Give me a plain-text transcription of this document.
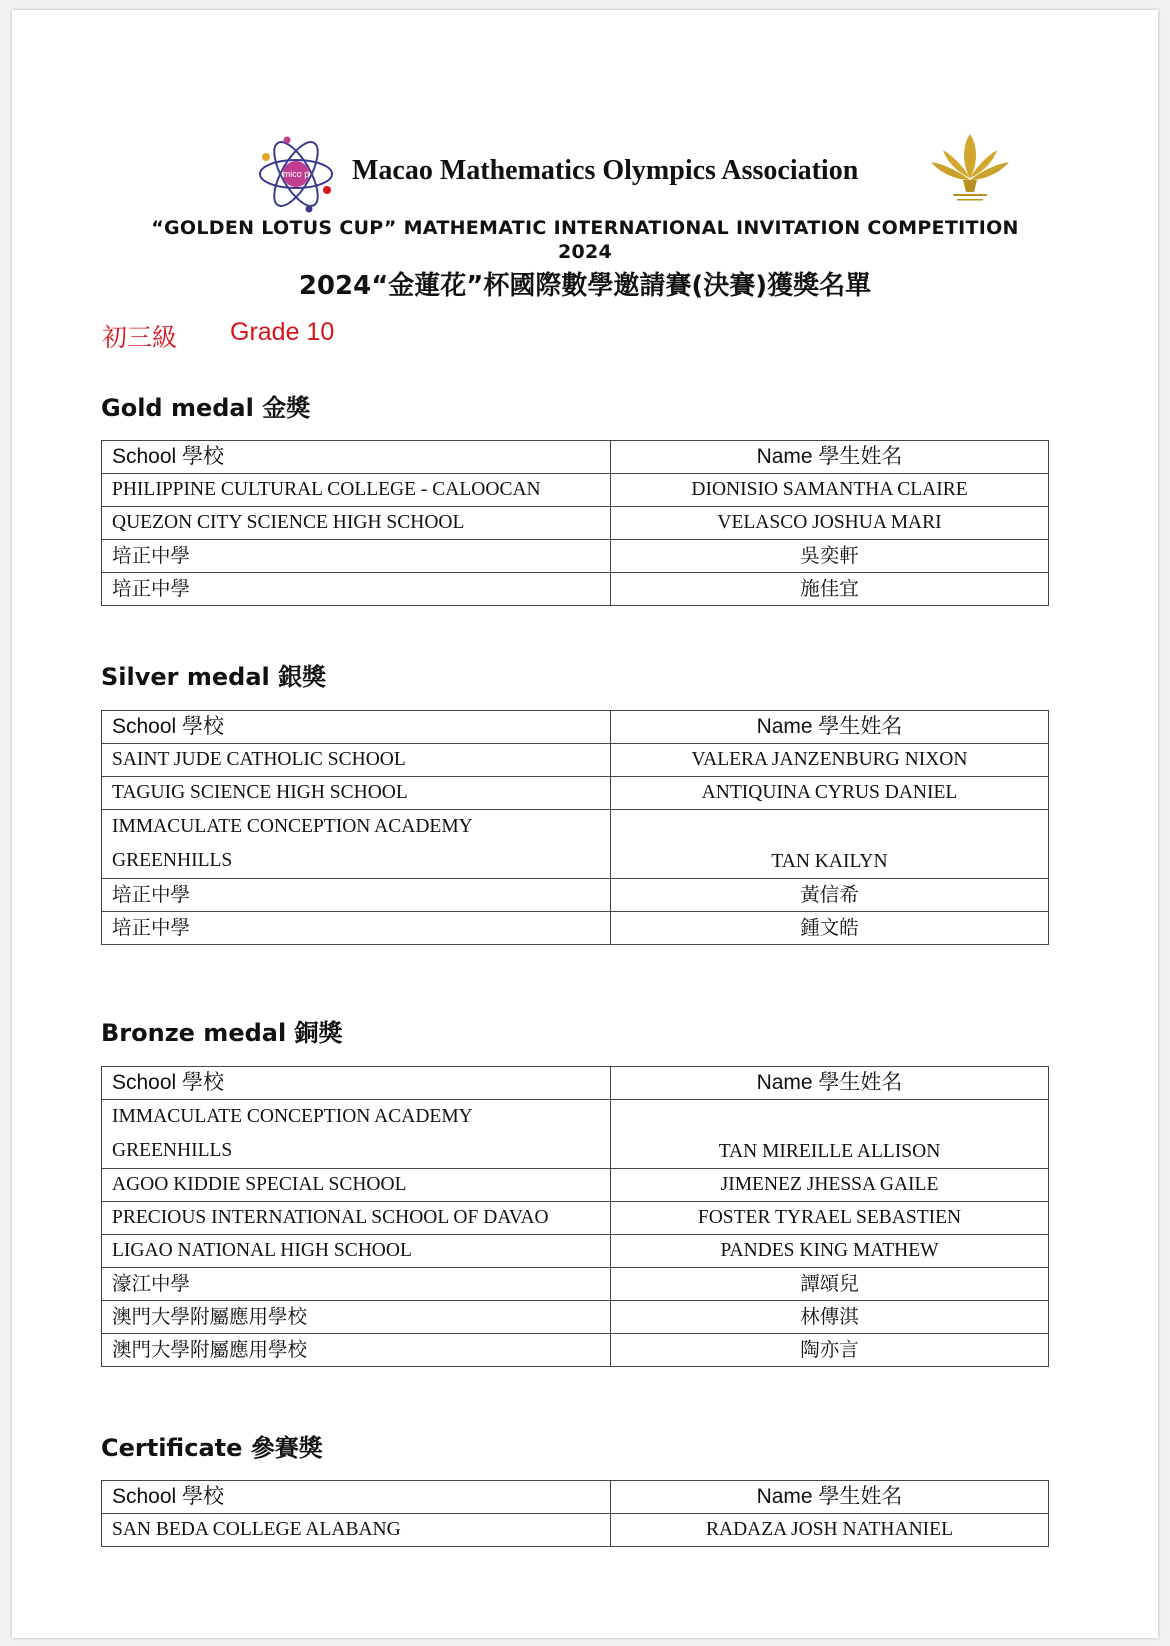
mico p Macao Mathematics Olympics Association
“GOLDEN LOTUS CUP” MATHEMATIC INTERNATIONAL INVITATION COMPETITION
2024
2024“金蓮花”杯國際數學邀請賽(決賽)獲獎名單
初三級 Grade 10
Gold medal 金獎
School 學校	Name 學生姓名
PHILIPPINE CULTURAL COLLEGE - CALOOCAN	DIONISIO SAMANTHA CLAIRE
QUEZON CITY SCIENCE HIGH SCHOOL	VELASCO JOSHUA MARI
培正中學	吳奕軒
培正中學	施佳宜
Silver medal 銀獎
School 學校	Name 學生姓名
SAINT JUDE CATHOLIC SCHOOL	VALERA JANZENBURG NIXON
TAGUIG SCIENCE HIGH SCHOOL	ANTIQUINA CYRUS DANIEL

IMMACULATE CONCEPTION ACADEMY
GREENHILLS	TAN KAILYN
培正中學	黃信希
培正中學	鍾文皓
Bronze medal 銅獎
School 學校	Name 學生姓名

IMMACULATE CONCEPTION ACADEMY
GREENHILLS	TAN MIREILLE ALLISON
AGOO KIDDIE SPECIAL SCHOOL	JIMENEZ JHESSA GAILE
PRECIOUS INTERNATIONAL SCHOOL OF DAVAO	FOSTER TYRAEL SEBASTIEN
LIGAO NATIONAL HIGH SCHOOL	PANDES KING MATHEW
濠江中學	譚頌兒
澳門大學附屬應用學校	林傳淇
澳門大學附屬應用學校	陶亦言
Certificate 參賽獎
School 學校	Name 學生姓名
SAN BEDA COLLEGE ALABANG	RADAZA JOSH NATHANIEL
